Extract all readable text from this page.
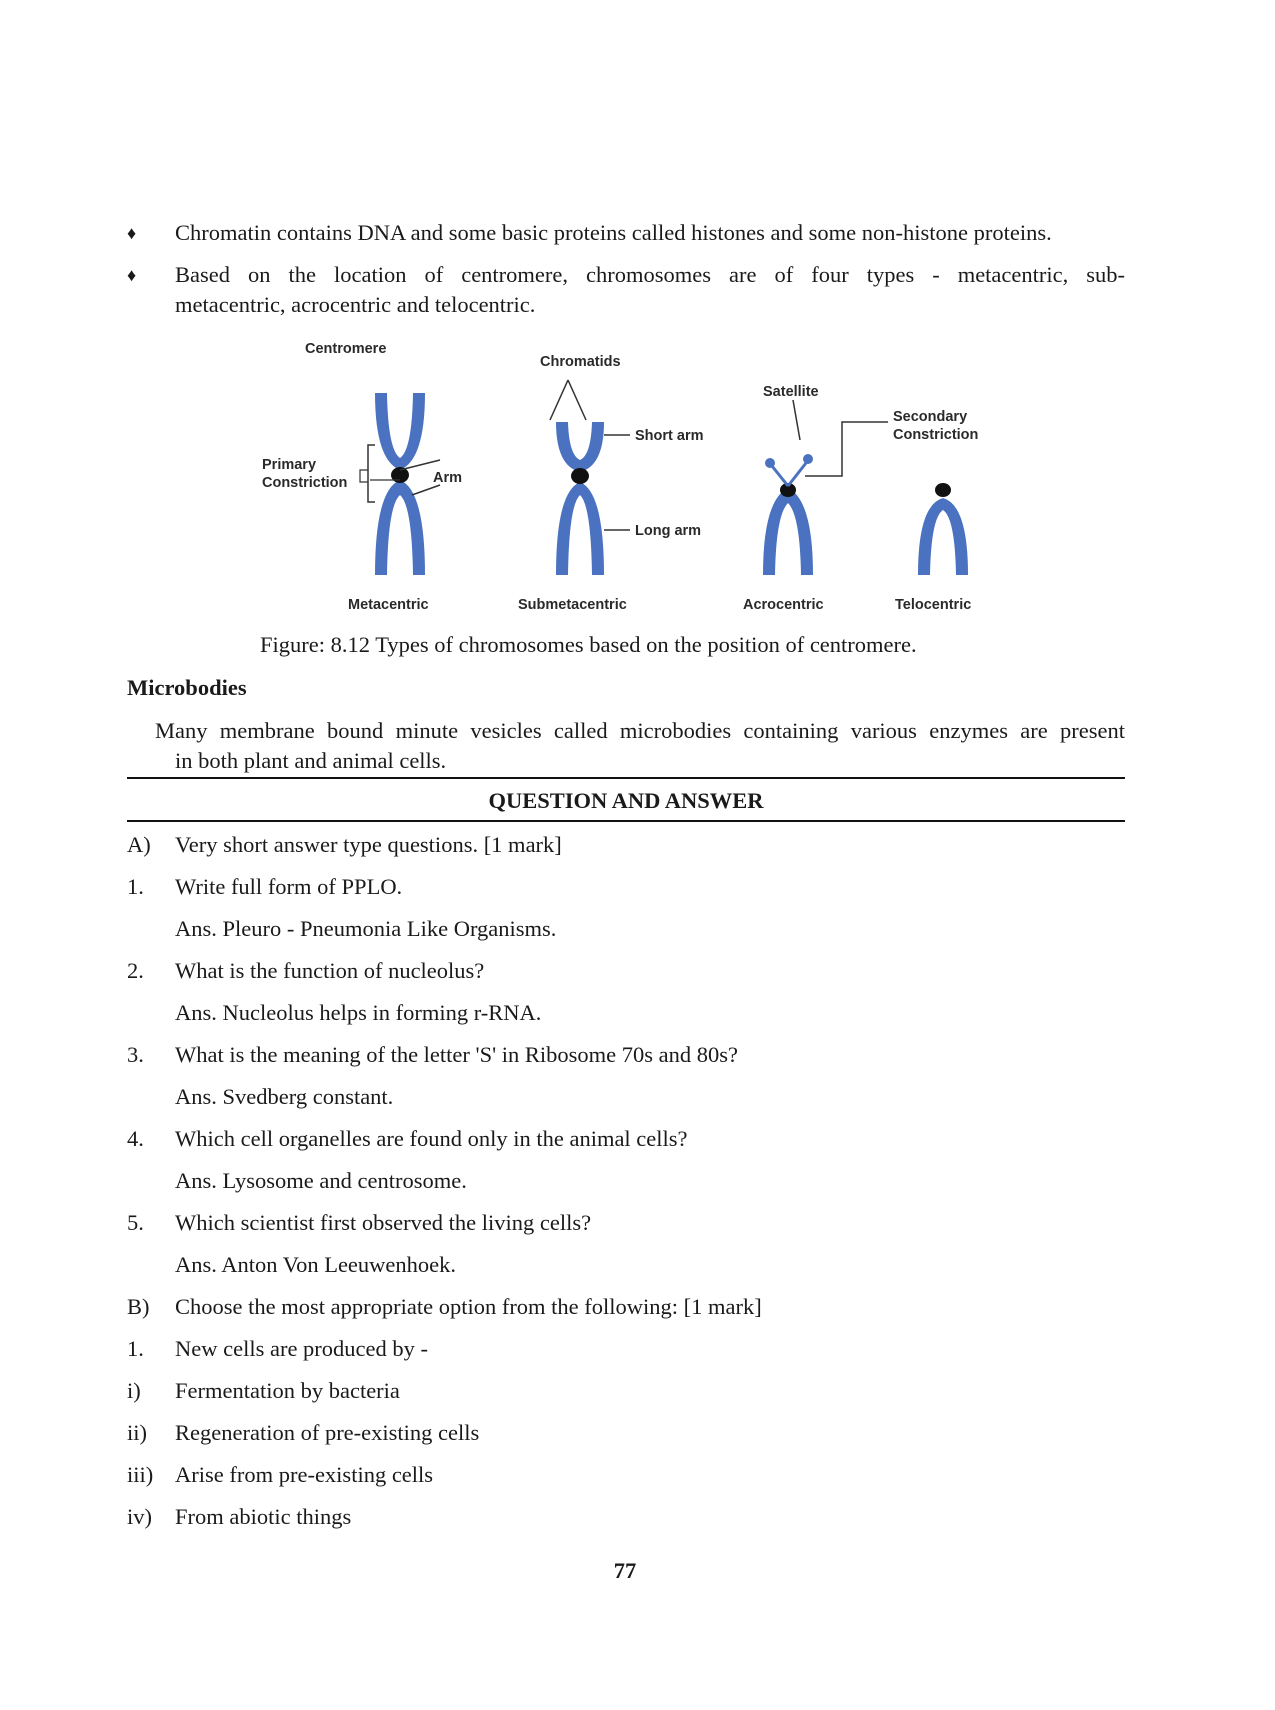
♦ Chromatin contains DNA and some basic proteins called histones and some non-histone proteins.
♦ Based on the location of centromere, chromosomes are of four types - metacentric, sub-
metacentric, acrocentric and telocentric.
Centromere
Primary
Constriction	Arm
Chromatids
Short arm
Long arm
Satellite
Secondary
Constriction
Metacentric	Submetacentric	Acrocentric	Telocentric
Figure: 8.12 Types of chromosomes based on the position of centromere.
Microbodies
Many membrane bound minute vesicles called microbodies containing various enzymes are present
in both plant and animal cells.
QUESTION AND ANSWER
A) Very short answer type questions. [1 mark]
1. Write full form of PPLO.
Ans. Pleuro - Pneumonia Like Organisms.
2. What is the function of nucleolus?
Ans. Nucleolus helps in forming r-RNA.
3. What is the meaning of the letter 'S' in Ribosome 70s and 80s?
Ans. Svedberg constant.
4. Which cell organelles are found only in the animal cells?
Ans. Lysosome and centrosome.
5. Which scientist first observed the living cells?
Ans. Anton Von Leeuwenhoek.
B) Choose the most appropriate option from the following: [1 mark]
1. New cells are produced by -
i) Fermentation by bacteria
ii) Regeneration of pre-existing cells
iii) Arise from pre-existing cells
iv) From abiotic things
77
